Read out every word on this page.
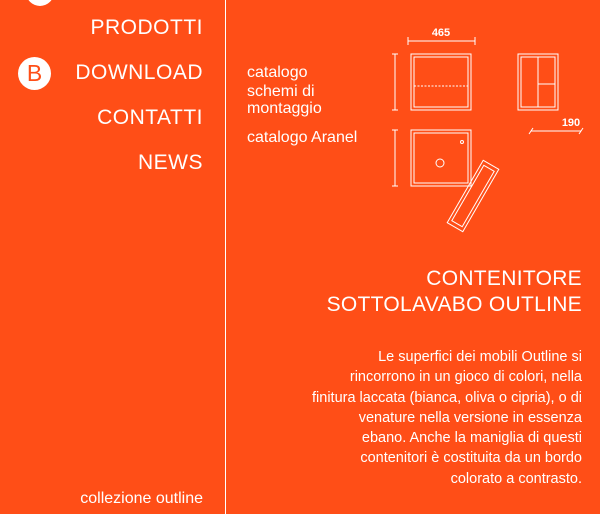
PRODOTTI
DOWNLOAD
CONTATTI
NEWS
B
collezione outline
catalogo
schemi di
montaggio
catalogo Aranel
465
190
CONTENITORE
SOTTOLAVABO OUTLINE
Le superfici dei mobili Outline si rincorrono in un gioco di colori, nella finitura laccata (bianca, oliva o cipria), o di venature nella versione in essenza ebano. Anche la maniglia di questi contenitori è costituita da un bordo colorato a contrasto.
